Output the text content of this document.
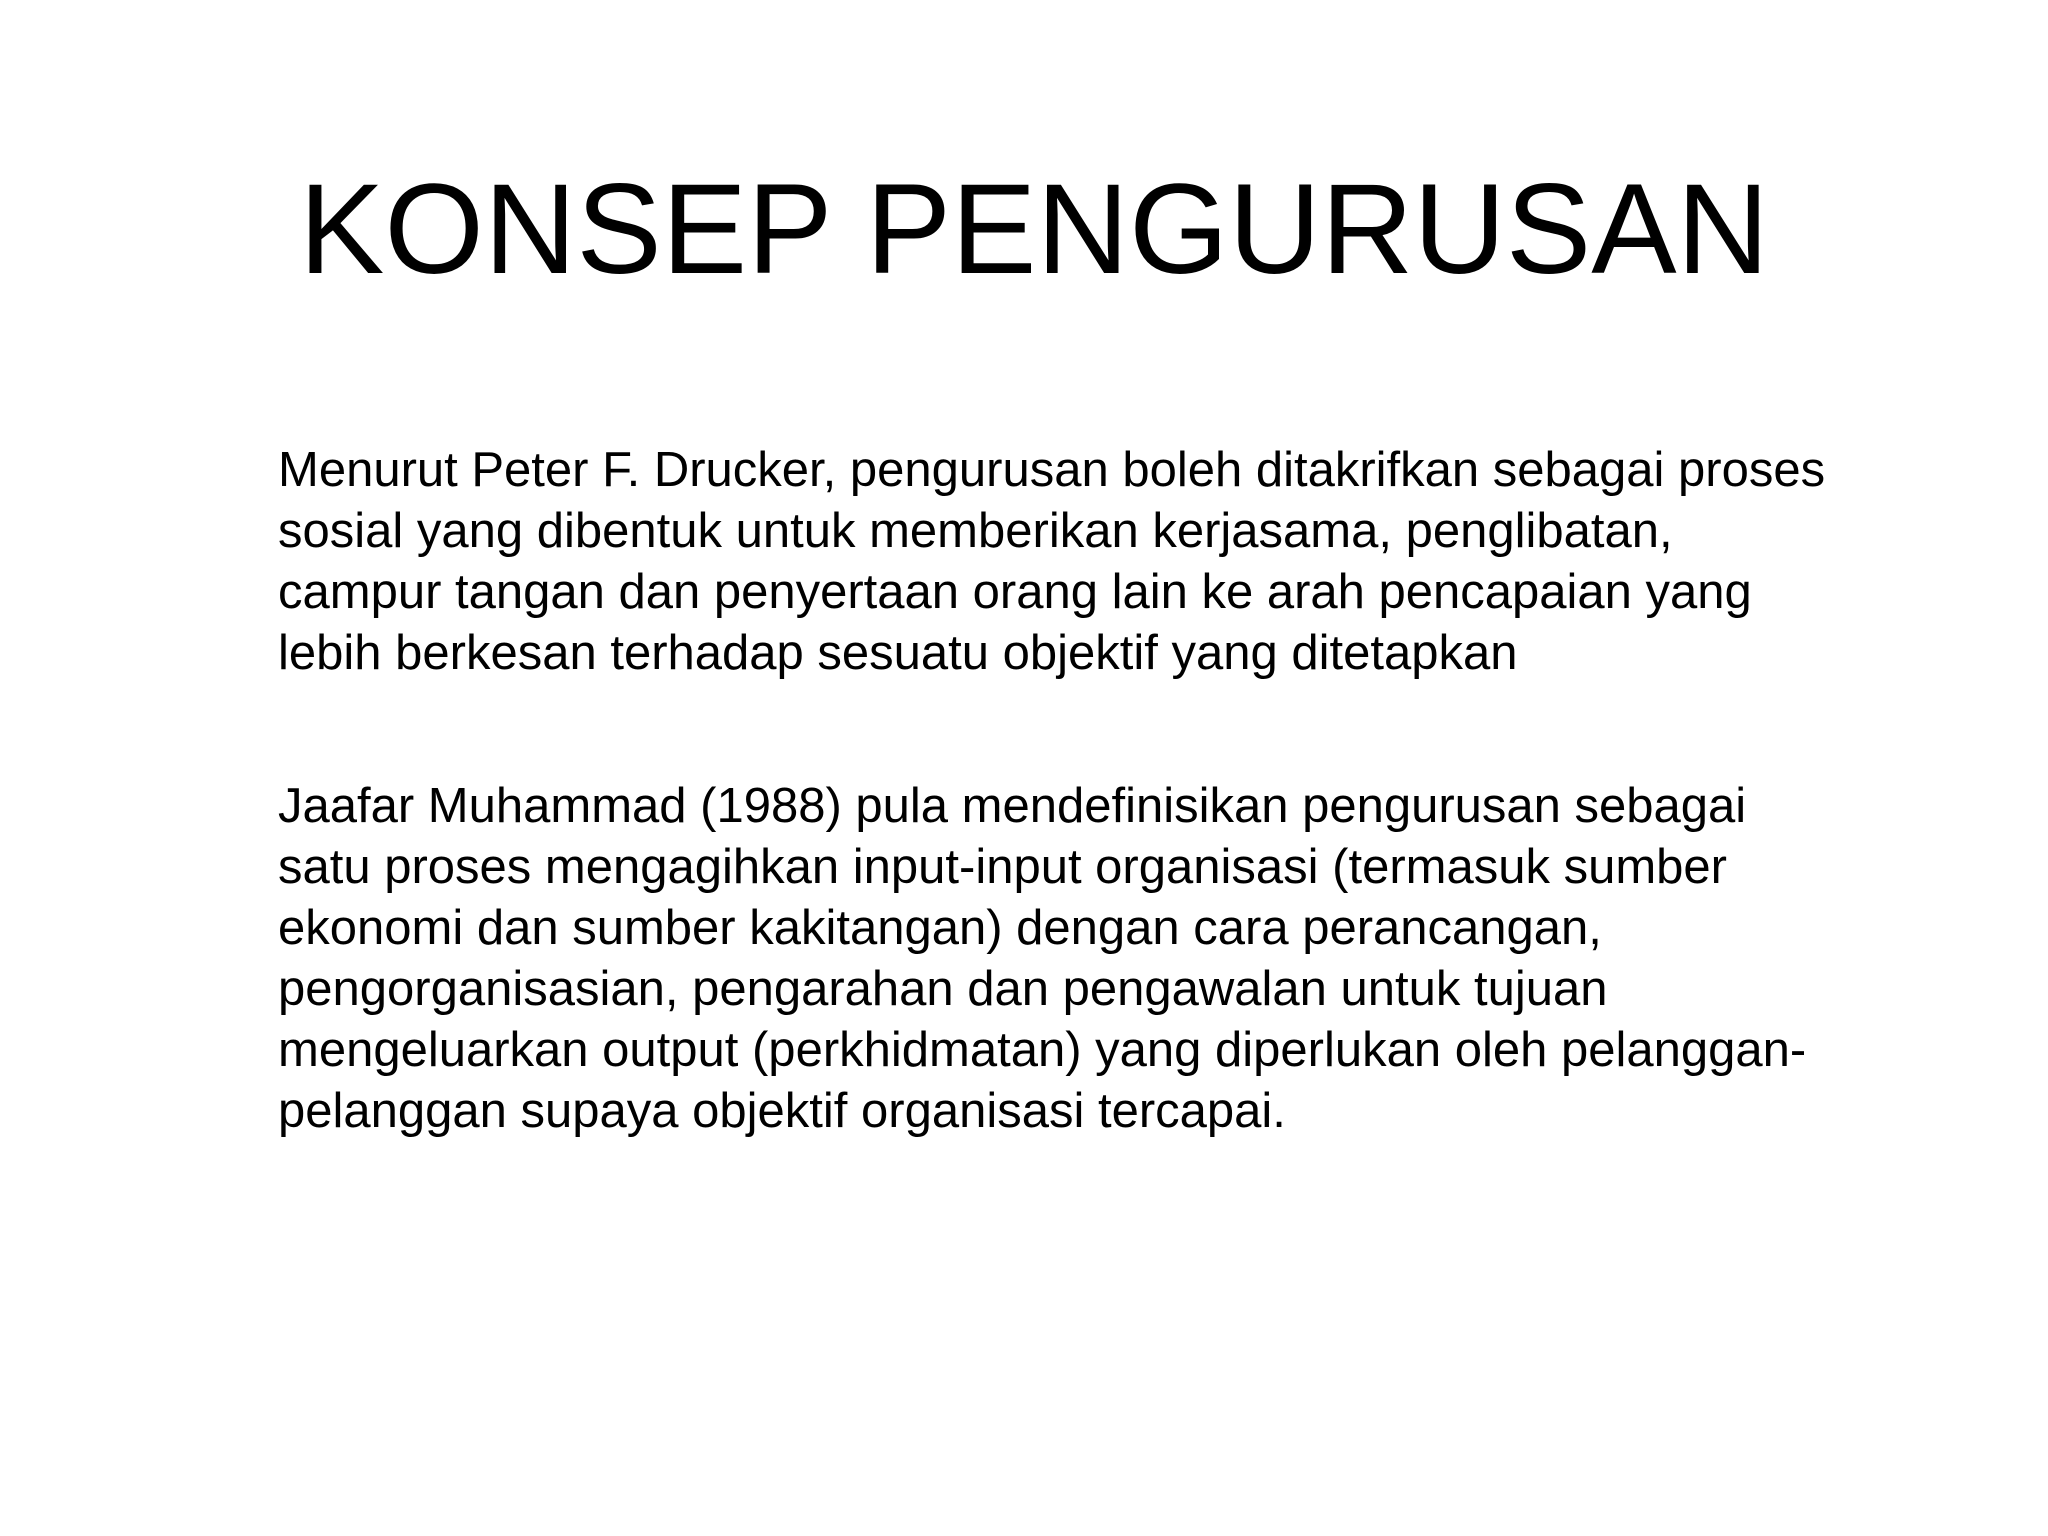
KONSEP PENGURUSAN

Menurut Peter F. Drucker, pengurusan boleh ditakrifkan sebagai proses
sosial yang dibentuk untuk memberikan kerjasama, penglibatan,
campur tangan dan penyertaan orang lain ke arah pencapaian yang
lebih berkesan terhadap sesuatu objektif yang ditetapkan

Jaafar Muhammad (1988) pula mendefinisikan pengurusan sebagai
satu proses mengagihkan input-input organisasi (termasuk sumber
ekonomi dan sumber kakitangan) dengan cara perancangan,
pengorganisasian, pengarahan dan pengawalan untuk tujuan
mengeluarkan output (perkhidmatan) yang diperlukan oleh pelanggan-
pelanggan supaya objektif organisasi tercapai.
